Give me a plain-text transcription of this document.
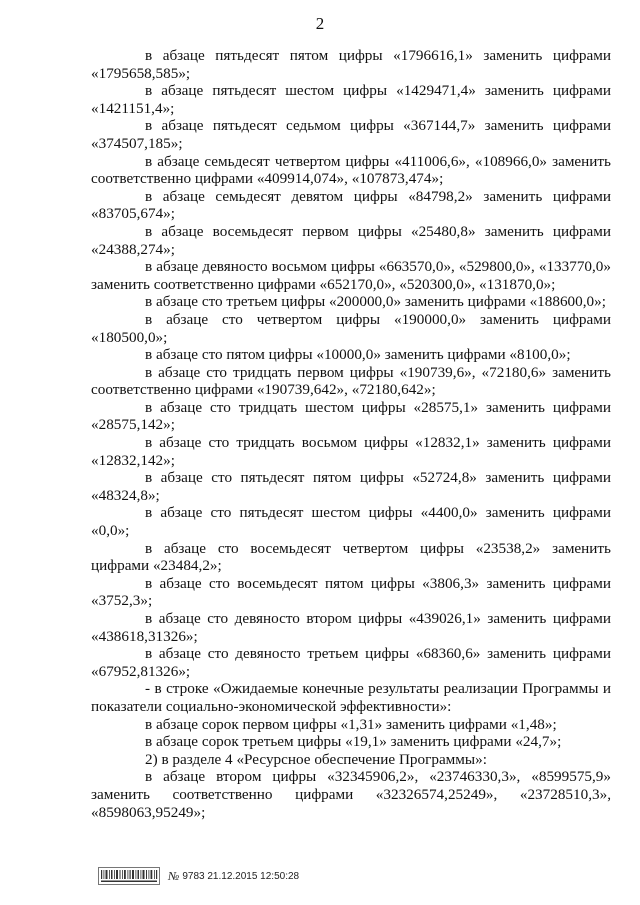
2

в абзаце пятьдесят пятом цифры «1796616,1» заменить цифрами «1795658,585»;

в абзаце пятьдесят шестом цифры «1429471,4» заменить цифрами «1421151,4»;

в абзаце пятьдесят седьмом цифры «367144,7» заменить цифрами «374507,185»;

в абзаце семьдесят четвертом цифры «411006,6», «108966,0» заменить соответственно цифрами «409914,074», «107873,474»;

в абзаце семьдесят девятом цифры «84798,2» заменить цифрами «83705,674»;

в абзаце восемьдесят первом цифры «25480,8» заменить цифрами «24388,274»;

в абзаце девяносто восьмом цифры «663570,0», «529800,0», «133770,0» заменить соответственно цифрами «652170,0», «520300,0», «131870,0»;

в абзаце сто третьем цифры «200000,0» заменить цифрами «188600,0»;

в абзаце сто четвертом цифры «190000,0» заменить цифрами «180500,0»;

в абзаце сто пятом цифры «10000,0» заменить цифрами «8100,0»;

в абзаце сто тридцать первом цифры «190739,6», «72180,6» заменить соответственно цифрами «190739,642», «72180,642»;

в абзаце сто тридцать шестом цифры «28575,1» заменить цифрами «28575,142»;

в абзаце сто тридцать восьмом цифры «12832,1» заменить цифрами «12832,142»;

в абзаце сто пятьдесят пятом цифры «52724,8» заменить цифрами «48324,8»;

в абзаце сто пятьдесят шестом цифры «4400,0» заменить цифрами «0,0»;

в абзаце сто восемьдесят четвертом цифры «23538,2» заменить цифрами «23484,2»;

в абзаце сто восемьдесят пятом цифры «3806,3» заменить цифрами «3752,3»;

в абзаце сто девяносто втором цифры «439026,1» заменить цифрами «438618,31326»;

в абзаце сто девяносто третьем цифры «68360,6» заменить цифрами «67952,81326»;

- в строке «Ожидаемые конечные результаты реализации Программы и показатели социально-экономической эффективности»:

в абзаце сорок первом цифры «1,31» заменить цифрами «1,48»;

в абзаце сорок третьем цифры «19,1» заменить цифрами «24,7»;

2) в разделе 4 «Ресурсное обеспечение Программы»:

в абзаце втором цифры «32345906,2», «23746330,3», «8599575,9» заменить соответственно цифрами «32326574,25249», «23728510,3», «8598063,95249»;

№ 9783 21.12.2015 12:50:28
